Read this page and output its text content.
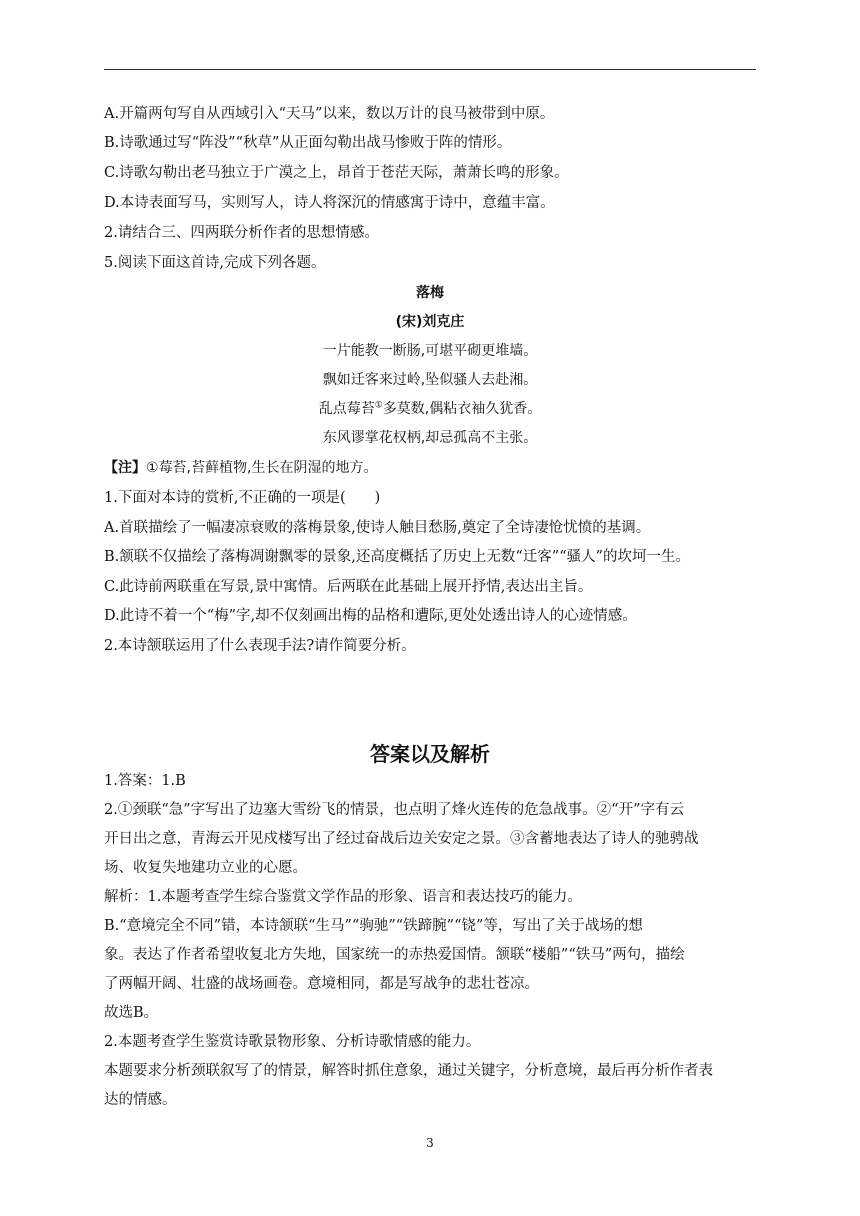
A.开篇两句写自从西域引入“天马”以来，数以万计的良马被带到中原。
B.诗歌通过写“阵没”“秋草”从正面勾勒出战马惨败于阵的情形。
C.诗歌勾勒出老马独立于广漠之上，昂首于苍茫天际，萧萧长鸣的形象。
D.本诗表面写马，实则写人，诗人将深沉的情感寓于诗中，意蕴丰富。
2.请结合三、四两联分析作者的思想情感。
5.阅读下面这首诗,完成下列各题。
落梅
(宋)刘克庄
一片能教一断肠,可堪平砌更堆墙。
飘如迁客来过岭,坠似骚人去赴湘。
乱点莓苔①多莫数,偶粘衣袖久犹香。
东风谬掌花权柄,却忌孤高不主张。
【注】①莓苔,苔藓植物,生长在阴湿的地方。
1.下面对本诗的赏析,不正确的一项是(　　)
A.首联描绘了一幅凄凉衰败的落梅景象,使诗人触目愁肠,奠定了全诗凄怆忧愤的基调。
B.颔联不仅描绘了落梅凋谢飘零的景象,还高度概括了历史上无数“迁客”“骚人”的坎坷一生。
C.此诗前两联重在写景,景中寓情。后两联在此基础上展开抒情,表达出主旨。
D.此诗不着一个“梅”字,却不仅刻画出梅的品格和遭际,更处处透出诗人的心迹情感。
2.本诗颔联运用了什么表现手法?请作简要分析。
答案以及解析
1.答案：1.B
2.①颈联“急”字写出了边塞大雪纷飞的情景，也点明了烽火连传的危急战事。②“开”字有云
开日出之意，青海云开见戍楼写出了经过奋战后边关安定之景。③含蓄地表达了诗人的驰骋战
场、收复失地建功立业的心愿。
解析：1.本题考查学生综合鉴赏文学作品的形象、语言和表达技巧的能力。
B.“意境完全不同”错，本诗颔联“生马”“驹驰”“铁蹄腕”“铙”等，写出了关于战场的想
象。表达了作者希望收复北方失地，国家统一的赤热爱国情。颔联“楼船”“铁马”两句，描绘
了两幅开阔、壮盛的战场画卷。意境相同，都是写战争的悲壮苍凉。
故选B。
2.本题考查学生鉴赏诗歌景物形象、分析诗歌情感的能力。
本题要求分析颈联叙写了的情景，解答时抓住意象，通过关键字，分析意境，最后再分析作者表
达的情感。
3
